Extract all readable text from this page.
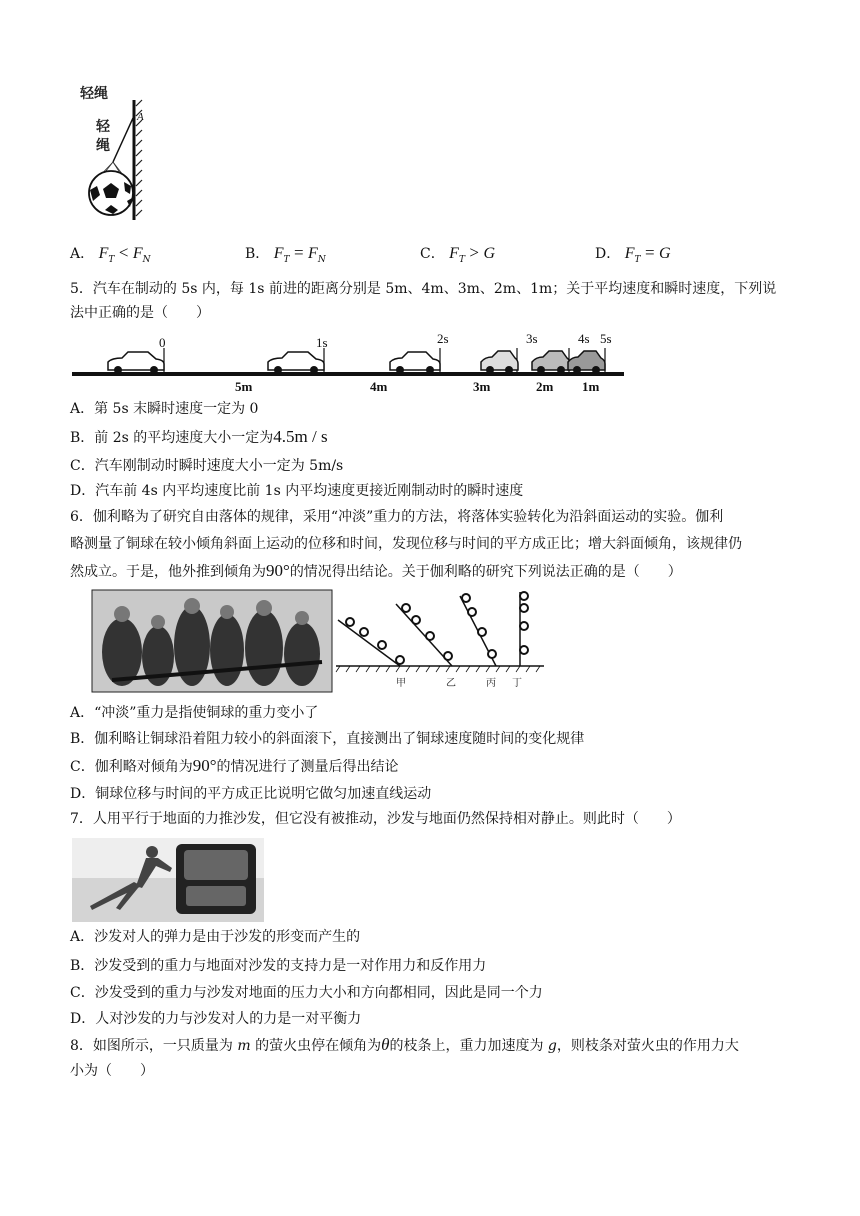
轻绳
A
轻
绳
A． $F_T < F_N$	B． $F_T = F_N$	C． $F_T > G$	D． $F_T = G$
5．汽车在制动的 5s 内，每 1s 前进的距离分别是 5m、4m、3m、2m、1m；关于平均速度和瞬时速度，下列说
法中正确的是（　　）
0	1s	2s	3s	4s 5s
5m	4m	3m	2m 1m
A．第 5s 末瞬时速度一定为 0
B．前 2s 的平均速度大小一定为4.5m / s
C．汽车刚制动时瞬时速度大小一定为 5m/s
D．汽车前 4s 内平均速度比前 1s 内平均速度更接近刚制动时的瞬时速度
6．伽利略为了研究自由落体的规律，采用“冲淡”重力的方法，将落体实验转化为沿斜面运动的实验。伽利
略测量了铜球在较小倾角斜面上运动的位移和时间，发现位移与时间的平方成正比；增大斜面倾角，该规律仍
然成立。于是，他外推到倾角为90°的情况得出结论。关于伽利略的研究下列说法正确的是（　　）
甲	乙	丙 丁
A．“冲淡”重力是指使铜球的重力变小了
B．伽利略让铜球沿着阻力较小的斜面滚下，直接测出了铜球速度随时间的变化规律
C．伽利略对倾角为90°的情况进行了测量后得出结论
D．铜球位移与时间的平方成正比说明它做匀加速直线运动
7．人用平行于地面的力推沙发，但它没有被推动，沙发与地面仍然保持相对静止。则此时（　　）
A．沙发对人的弹力是由于沙发的形变而产生的
B．沙发受到的重力与地面对沙发的支持力是一对作用力和反作用力
C．沙发受到的重力与沙发对地面的压力大小和方向都相同，因此是同一个力
D．人对沙发的力与沙发对人的力是一对平衡力
8．如图所示，一只质量为 m 的萤火虫停在倾角为θ的枝条上，重力加速度为 g，则枝条对萤火虫的作用力大
小为（　　）
